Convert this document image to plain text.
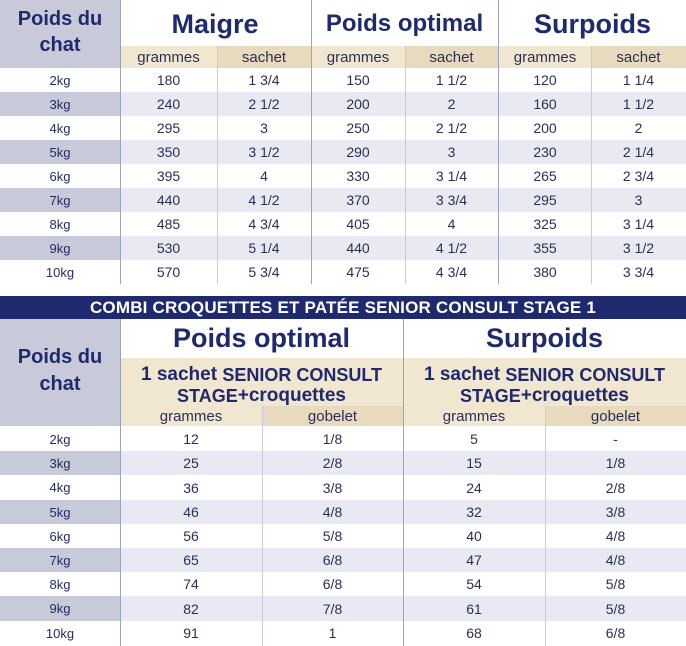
Poids du
chat
Maigre	Poids optimal	Surpoids
grammes	sachet	grammes	sachet	grammes	sachet
2kg	180	1 3/4	150	1 1/2	120	1 1/4
3kg	240	2 1/2	200	2	160	1 1/2
4kg	295	3	250	2 1/2	200	2
5kg	350	3 1/2	290	3	230	2 1/4
6kg	395	4	330	3 1/4	265	2 3/4
7kg	440	4 1/2	370	3 3/4	295	3
8kg	485	4 3/4	405	4	325	3 1/4
9kg	530	5 1/4	440	4 1/2	355	3 1/2
10kg	570	5 3/4	475	4 3/4	380	3 3/4
COMBI CROQUETTES ET PATÉE SENIOR CONSULT STAGE 1
Poids du
chat
Poids optimal
1 sachet SENIOR CONSULT
STAGE +croquettes
Surpoids
1 sachet SENIOR CONSULT
STAGE +croquettes
grammes	gobelet	grammes	gobelet
2kg	12	1/8	5	-
3kg	25	2/8	15	1/8
4kg	36	3/8	24	2/8
5kg	46	4/8	32	3/8
6kg	56	5/8	40	4/8
7kg	65	6/8	47	4/8
8kg	74	6/8	54	5/8
9kg	82	7/8	61	5/8
10kg	91	1	68	6/8
